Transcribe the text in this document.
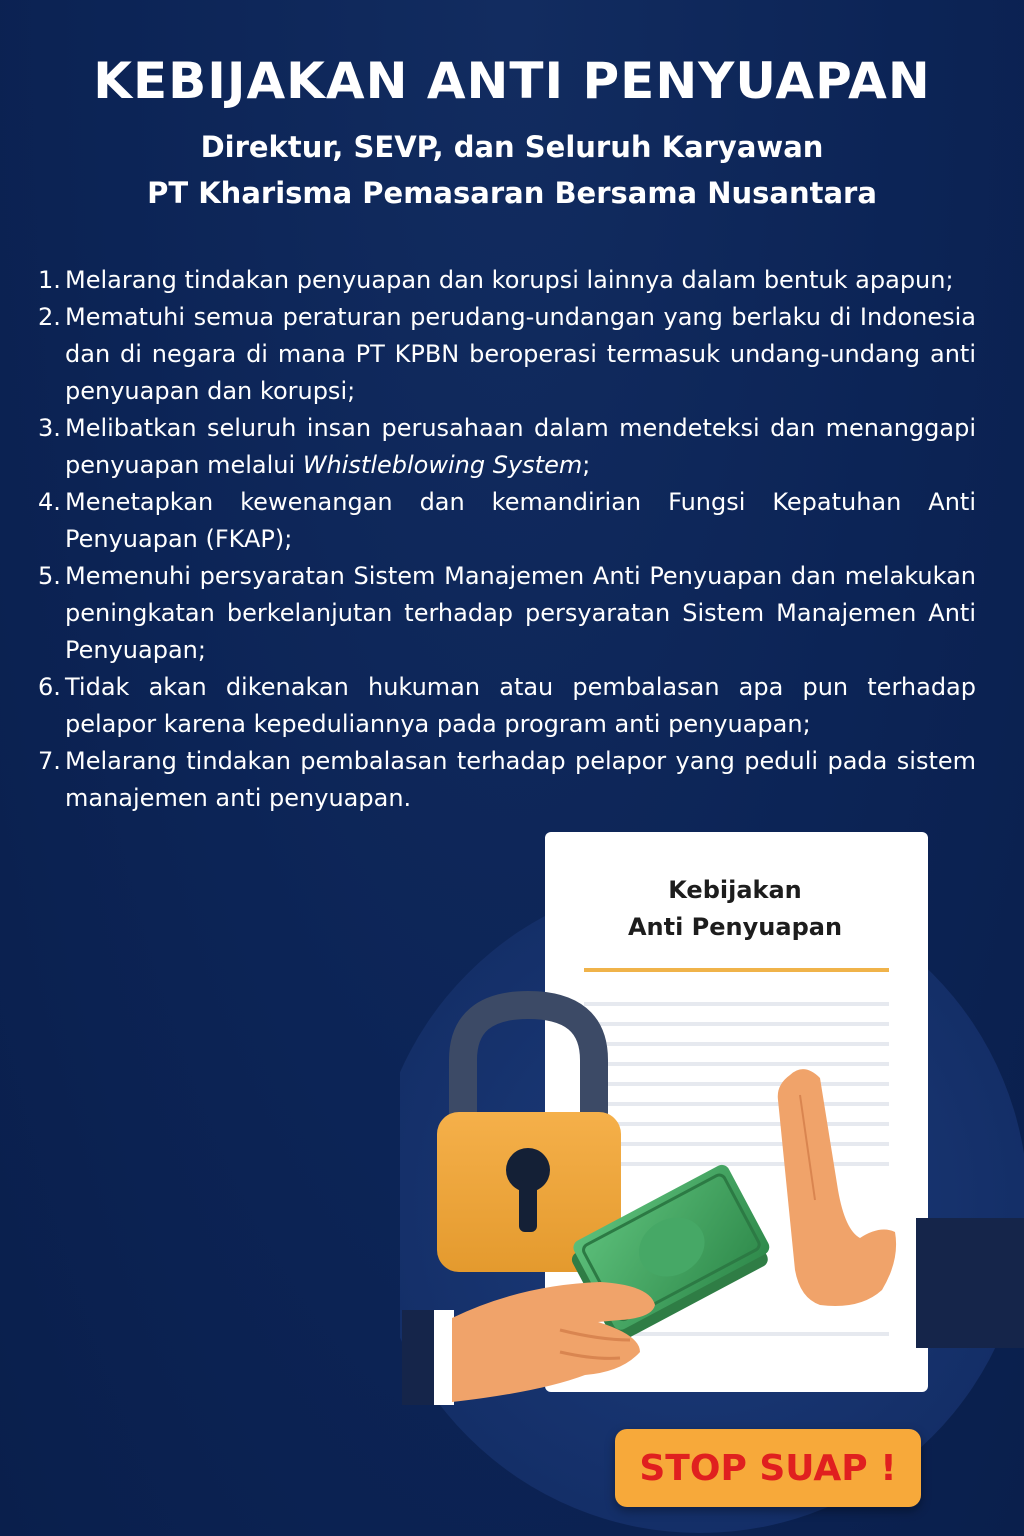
KEBIJAKAN ANTI PENYUAPAN
Direktur, SEVP, dan Seluruh Karyawan
PT Kharisma Pemasaran Bersama Nusantara
1. Melarang tindakan penyuapan dan korupsi lainnya dalam bentuk apapun;
2. Mematuhi semua peraturan perudang-undangan yang berlaku di Indonesia dan di negara di mana PT KPBN beroperasi termasuk undang-undang anti penyuapan dan korupsi;
3. Melibatkan seluruh insan perusahaan dalam mendeteksi dan menanggapi penyuapan melalui Whistleblowing System;
4. Menetapkan kewenangan dan kemandirian Fungsi Kepatuhan Anti Penyuapan (FKAP);
5. Memenuhi persyaratan Sistem Manajemen Anti Penyuapan dan melakukan peningkatan berkelanjutan terhadap persyaratan Sistem Manajemen Anti Penyuapan;
6. Tidak akan dikenakan hukuman atau pembalasan apa pun terhadap pelapor karena kepeduliannya pada program anti penyuapan;
7. Melarang tindakan pembalasan terhadap pelapor yang peduli pada sistem manajemen anti penyuapan.
Kebijakan
Anti Penyuapan
STOP SUAP !
